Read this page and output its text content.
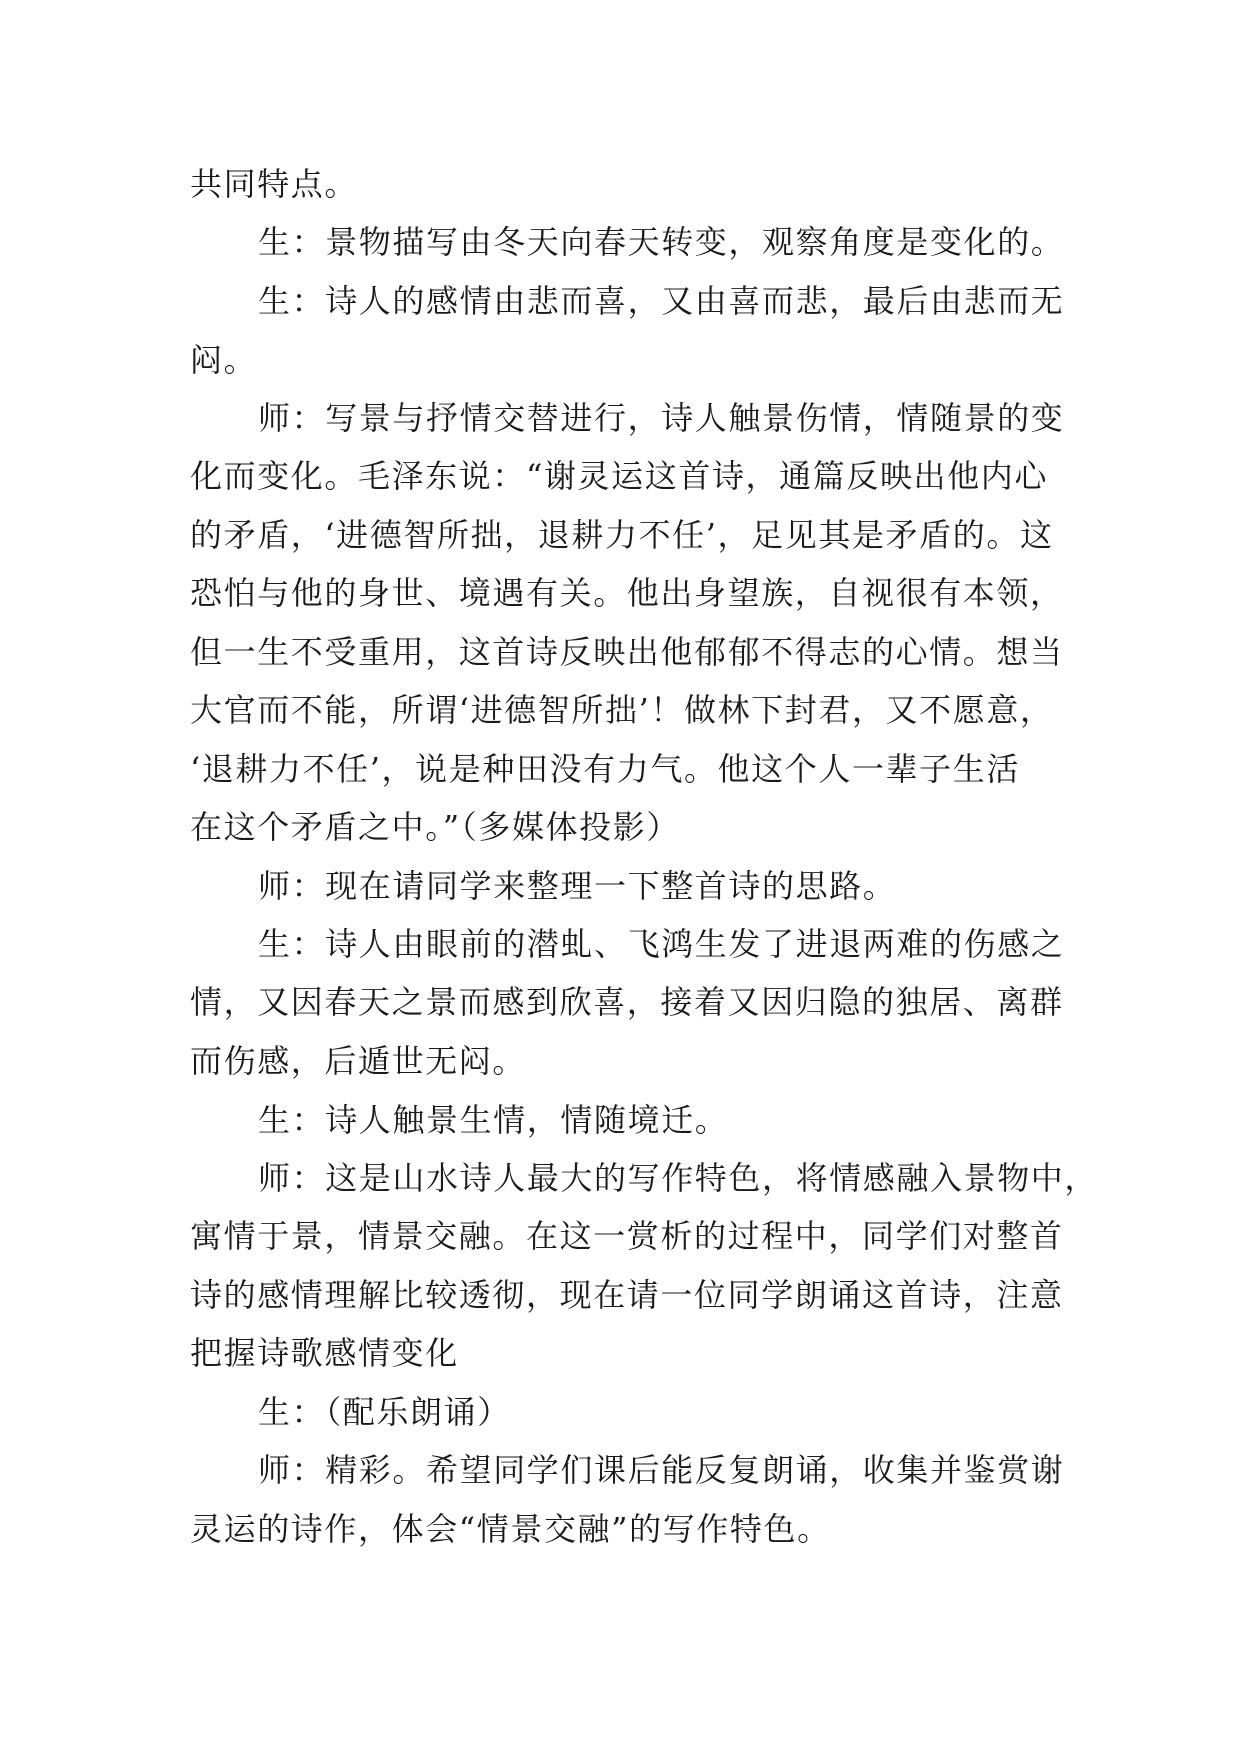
共同特点。
生：景物描写由冬天向春天转变，观察角度是变化的。
生：诗人的感情由悲而喜，又由喜而悲，最后由悲而无
闷。
师：写景与抒情交替进行，诗人触景伤情，情随景的变
化而变化。毛泽东说：“谢灵运这首诗，通篇反映出他内心
的矛盾，‘进德智所拙，退耕力不任’，足见其是矛盾的。这
恐怕与他的身世、境遇有关。他出身望族，自视很有本领，
但一生不受重用，这首诗反映出他郁郁不得志的心情。想当
大官而不能，所谓‘进德智所拙’！做林下封君，又不愿意，
‘退耕力不任’，说是种田没有力气。他这个人一辈子生活
在这个矛盾之中。”（多媒体投影）
师：现在请同学来整理一下整首诗的思路。
生：诗人由眼前的潜虬、飞鸿生发了进退两难的伤感之
情，又因春天之景而感到欣喜，接着又因归隐的独居、离群
而伤感，后遁世无闷。
生：诗人触景生情，情随境迁。
师：这是山水诗人最大的写作特色，将情感融入景物中，
寓情于景，情景交融。在这一赏析的过程中，同学们对整首
诗的感情理解比较透彻，现在请一位同学朗诵这首诗，注意
把握诗歌感情变化
生：（配乐朗诵）
师：精彩。希望同学们课后能反复朗诵，收集并鉴赏谢
灵运的诗作，体会“情景交融”的写作特色。
